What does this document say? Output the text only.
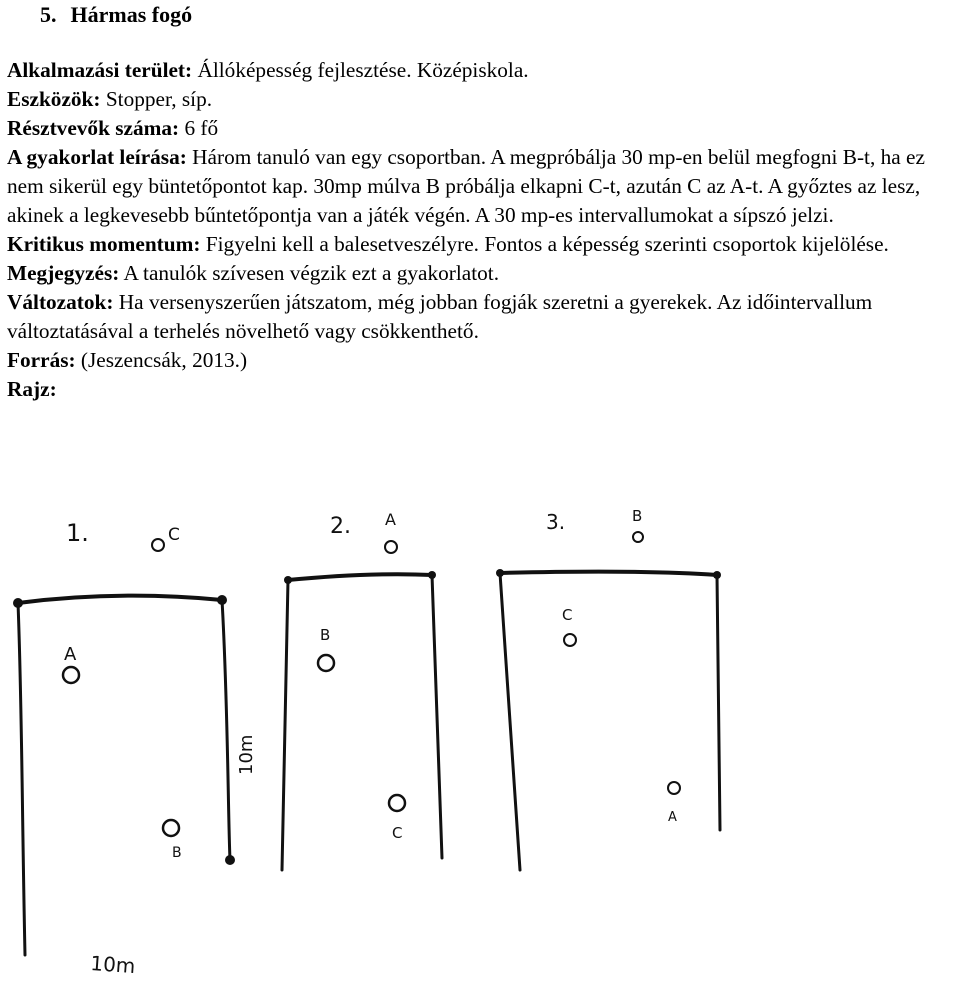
5. Hármas fogó

Alkalmazási terület: Állóképesség fejlesztése. Középiskola.

Eszközök: Stopper, síp.

Résztvevők száma: 6 fő

A gyakorlat leírása: Három tanuló van egy csoportban. A megpróbálja 30 mp-en belül megfogni B-t, ha ez nem sikerül egy büntetőpontot kap. 30mp múlva B próbálja elkapni C-t, azután C az A-t. A győztes az lesz, akinek a legkevesebb bűntetőpontja van a játék végén. A 30 mp-es intervallumokat a sípszó jelzi.

Kritikus momentum: Figyelni kell a balesetveszélyre. Fontos a képesség szerinti csoportok kijelölése.

Megjegyzés: A tanulók szívesen végzik ezt a gyakorlatot.

Változatok: Ha versenyszerűen játszatom, még jobban fogják szeretni a gyerekek. Az időintervallum változtatásával a terhelés növelhető vagy csökkenthető.

Forrás: (Jeszencsák, 2013.)

Rajz:

1.	C
A
B
10m
10m
2. A
B
C
3.	B
C
A
